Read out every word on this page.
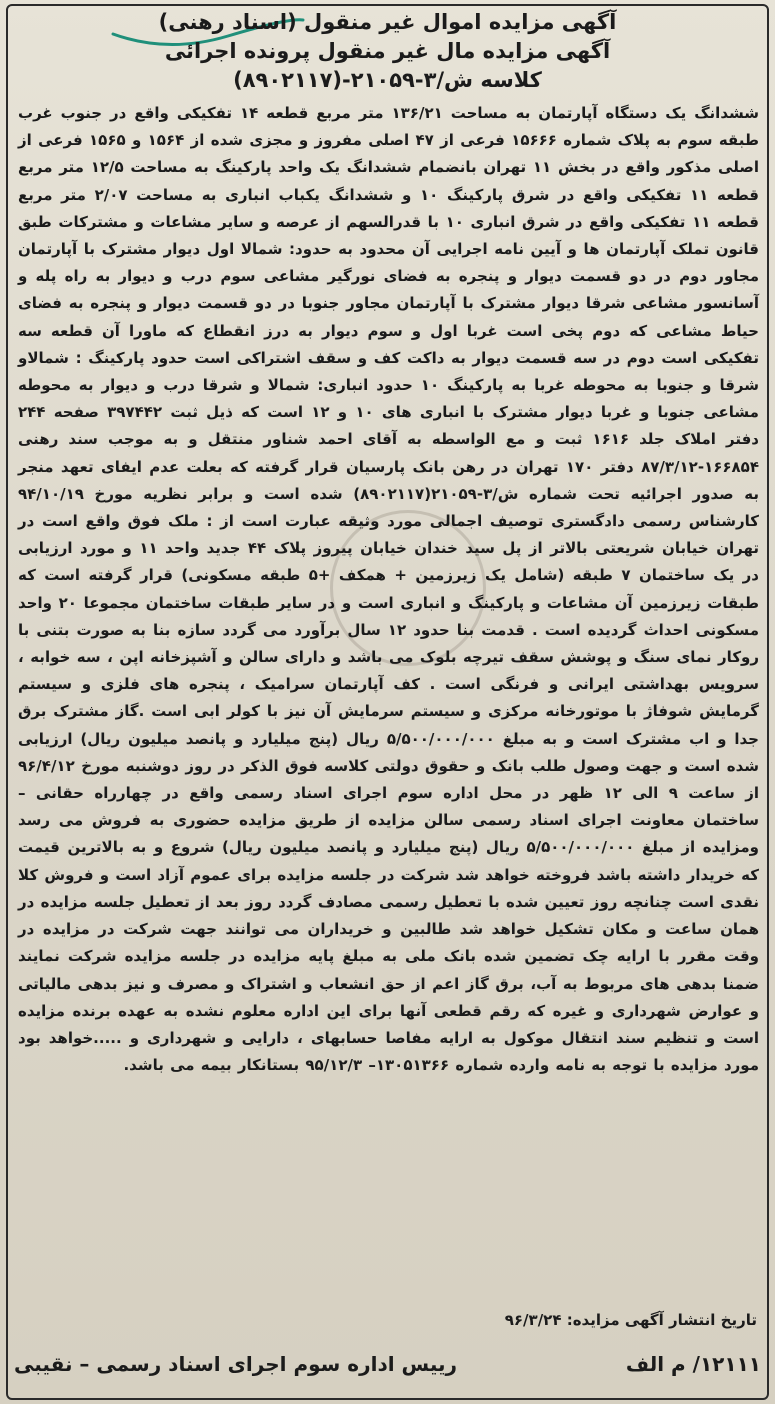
آگهی مزایده اموال غیر منقول (اسناد رهنی)
آگهی مزایده مال غیر منقول پرونده اجرائی
کلاسه ش/۳-۲۱۰۵۹-(۸۹۰۲۱۱۷)

ششدانگ یک دستگاه آپارتمان به مساحت ۱۳۶/۲۱ متر مربع قطعه ۱۴ تفکیکی واقع در جنوب غرب طبقه سوم به پلاک شماره ۱۵۶۶۶ فرعی از ۴۷ اصلی مفروز و مجزی شده از ۱۵۶۴ و ۱۵۶۵ فرعی از اصلی مذکور واقع در بخش ۱۱ تهران بانضمام ششدانگ یک واحد پارکینگ به مساحت ۱۲/۵ متر مربع قطعه ۱۱ تفکیکی واقع در شرق پارکینگ ۱۰ و ششدانگ یکباب انباری به مساحت ۲/۰۷ متر مربع قطعه ۱۱ تفکیکی واقع در شرق انباری ۱۰ با قدرالسهم از عرصه و سایر مشاعات و مشترکات طبق قانون تملک آپارتمان ها و آیین نامه اجرایی آن محدود به حدود: شمالا اول دیوار مشترک با آپارتمان مجاور دوم در دو قسمت دیوار و پنجره به فضای نورگیر مشاعی سوم درب و دیوار به راه پله و آسانسور مشاعی شرقا دیوار مشترک با آپارتمان مجاور جنوبا در دو قسمت دیوار و پنجره به فضای حیاط مشاعی که دوم پخی است غربا اول و سوم دیوار به درز انقطاع که ماورا آن قطعه سه تفکیکی است دوم در سه قسمت دیوار به داکت کف و سقف اشتراکی است حدود پارکینگ : شمالاو شرقا و جنوبا به محوطه غربا به پارکینگ ۱۰ حدود انباری: شمالا و شرقا درب و دیوار به محوطه مشاعی جنوبا و غربا دیوار مشترک با انباری های ۱۰ و ۱۲ است که ذیل ثبت ۳۹۷۴۴۲ صفحه ۲۴۴ دفتر املاک جلد ۱۶۱۶ ثبت و مع الواسطه به آقای احمد شناور منتقل و به موجب سند رهنی ۱۶۶۸۵۴-۸۷/۳/۱۲ دفتر ۱۷۰ تهران در رهن بانک پارسیان قرار گرفته که بعلت عدم ایفای تعهد منجر به صدور اجرائیه تحت شماره ش/۳-۲۱۰۵۹(۸۹۰۲۱۱۷) شده است و برابر نظریه مورخ ۹۴/۱۰/۱۹ کارشناس رسمی دادگستری توصیف اجمالی مورد وثیقه عبارت است از : ملک فوق واقع است در تهران خیابان شریعتی بالاتر از پل سید خندان خیابان پیروز پلاک ۴۴ جدید واحد ۱۱ و مورد ارزیابی در یک ساختمان ۷ طبقه (شامل یک زیرزمین + همکف +۵ طبقه مسکونی) قرار گرفته است که طبقات زیرزمین آن مشاعات و پارکینگ و انباری است و در سایر طبقات ساختمان مجموعا ۲۰ واحد مسکونی احداث گردیده است . قدمت بنا حدود ۱۲ سال برآورد می گردد سازه بنا به صورت بتنی با روکار نمای سنگ و پوشش سقف تیرچه بلوک می باشد و دارای سالن و آشپزخانه اپن ، سه خوابه ، سرویس بهداشتی ایرانی و فرنگی است . کف آپارتمان سرامیک ، پنجره های فلزی و سیستم گرمایش شوفاژ با موتورخانه مرکزی و سیستم سرمایش آن نیز با کولر ابی است .گاز مشترک برق جدا و اب مشترک است و به مبلغ ۵/۵۰۰/۰۰۰/۰۰۰ ریال (پنج میلیارد و پانصد میلیون ریال) ارزیابی شده است و جهت وصول طلب بانک و حقوق دولتی کلاسه فوق الذکر در روز دوشنبه مورخ ۹۶/۴/۱۲ از ساعت ۹ الی ۱۲ ظهر در محل اداره سوم اجرای اسناد رسمی واقع در چهارراه حقانی – ساختمان معاونت اجرای اسناد رسمی سالن مزایده از طریق مزایده حضوری به فروش می رسد ومزایده از مبلغ ۵/۵۰۰/۰۰۰/۰۰۰ ریال (پنج میلیارد و پانصد میلیون ریال) شروع و به بالاترین قیمت که خریدار داشته باشد فروخته خواهد شد شرکت در جلسه مزایده برای عموم آزاد است و فروش کلا نقدی است چنانچه روز تعیین شده با تعطیل رسمی مصادف گردد روز بعد از تعطیل جلسه مزایده در همان ساعت و مکان تشکیل خواهد شد طالبین و خریداران می توانند جهت شرکت در مزایده در وقت مقرر با ارایه چک تضمین شده بانک ملی به مبلغ پایه مزایده در جلسه مزایده شرکت نمایند ضمنا بدهی های مربوط به آب، برق گاز اعم از حق انشعاب و اشتراک و مصرف و نیز بدهی مالیاتی و عوارض شهرداری و غیره که رقم قطعی آنها برای این اداره معلوم نشده به عهده برنده مزایده است و تنظیم سند انتقال موکول به ارایه مفاصا حسابهای ، دارایی و شهرداری و .....خواهد بود مورد مزایده با توجه به نامه وارده شماره ۱۳۰۵۱۳۶۶– ۹۵/۱۲/۳ بستانکار بیمه می باشد.

تاریخ انتشار آگهی مزایده: ۹۶/۳/۲۴
۱۲۱۱۱/ م الف
رییس اداره سوم اجرای اسناد رسمی – نقیبی
